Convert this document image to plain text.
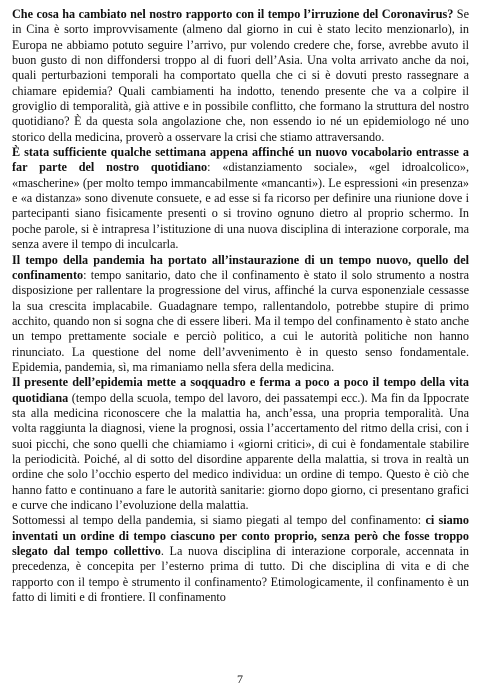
Che cosa ha cambiato nel nostro rapporto con il tempo l’irruzione del Coronavirus? Se in Cina è sorto improvvisamente (almeno dal giorno in cui è stato lecito menzionarlo), in Europa ne abbiamo potuto seguire l’arrivo, pur volendo credere che, forse, avrebbe avuto il buon gusto di non diffondersi troppo al di fuori dell’Asia. Una volta arrivato anche da noi, quali perturbazioni temporali ha comportato quella che ci si è dovuti presto rassegnare a chiamare epidemia? Quali cambiamenti ha indotto, tenendo presente che va a colpire il groviglio di temporalità, già attive e in possibile conflitto, che formano la struttura del nostro quotidiano? È da questa sola angolazione che, non essendo io né un epidemiologo né uno storico della medicina, proverò a osservare la crisi che stiamo attraversando.

È stata sufficiente qualche settimana appena affinché un nuovo vocabolario entrasse a far parte del nostro quotidiano: «distanziamento sociale», «gel idroalcolico», «mascherine» (per molto tempo immancabilmente «mancanti»). Le espressioni «in presenza» e «a distanza» sono divenute consuete, e ad esse si fa ricorso per definire una riunione dove i partecipanti siano fisicamente presenti o si trovino ognuno dietro al proprio schermo. In poche parole, si è intrapresa l’istituzione di una nuova disciplina di interazione corporale, ma senza avere il tempo di inculcarla.

Il tempo della pandemia ha portato all’instaurazione di un tempo nuovo, quello del confinamento: tempo sanitario, dato che il confinamento è stato il solo strumento a nostra disposizione per rallentare la progressione del virus, affinché la curva esponenziale cessasse la sua crescita implacabile. Guadagnare tempo, rallentandolo, potrebbe stupire di primo acchito, quando non si sogna che di essere liberi. Ma il tempo del confinamento è stato anche un tempo prettamente sociale e perciò politico, a cui le autorità politiche non hanno rinunciato. La questione del nome dell’avvenimento è in questo senso fondamentale. Epidemia, pandemia, sì, ma rimaniamo nella sfera della medicina.

Il presente dell’epidemia mette a soqquadro e ferma a poco a poco il tempo della vita quotidiana (tempo della scuola, tempo del lavoro, dei passatempi ecc.). Ma fin da Ippocrate sta alla medicina riconoscere che la malattia ha, anch’essa, una propria temporalità. Una volta raggiunta la diagnosi, viene la prognosi, ossia l’accertamento del ritmo della crisi, con i suoi picchi, che sono quelli che chiamiamo i «giorni critici», di cui è fondamentale stabilire la periodicità. Poiché, al di sotto del disordine apparente della malattia, si trova in realtà un ordine che solo l’occhio esperto del medico individua: un ordine di tempo. Questo è ciò che hanno fatto e continuano a fare le autorità sanitarie: giorno dopo giorno, ci presentano grafici e curve che indicano l’evoluzione della malattia.

Sottomessi al tempo della pandemia, si siamo piegati al tempo del confinamento: ci siamo inventati un ordine di tempo ciascuno per conto proprio, senza però che fosse troppo slegato dal tempo collettivo. La nuova disciplina di interazione corporale, accennata in precedenza, è concepita per l’esterno prima di tutto. Di che disciplina di vita e di che rapporto con il tempo è strumento il confinamento? Etimologicamente, il confinamento è un fatto di limiti e di frontiere. Il confinamento

7
